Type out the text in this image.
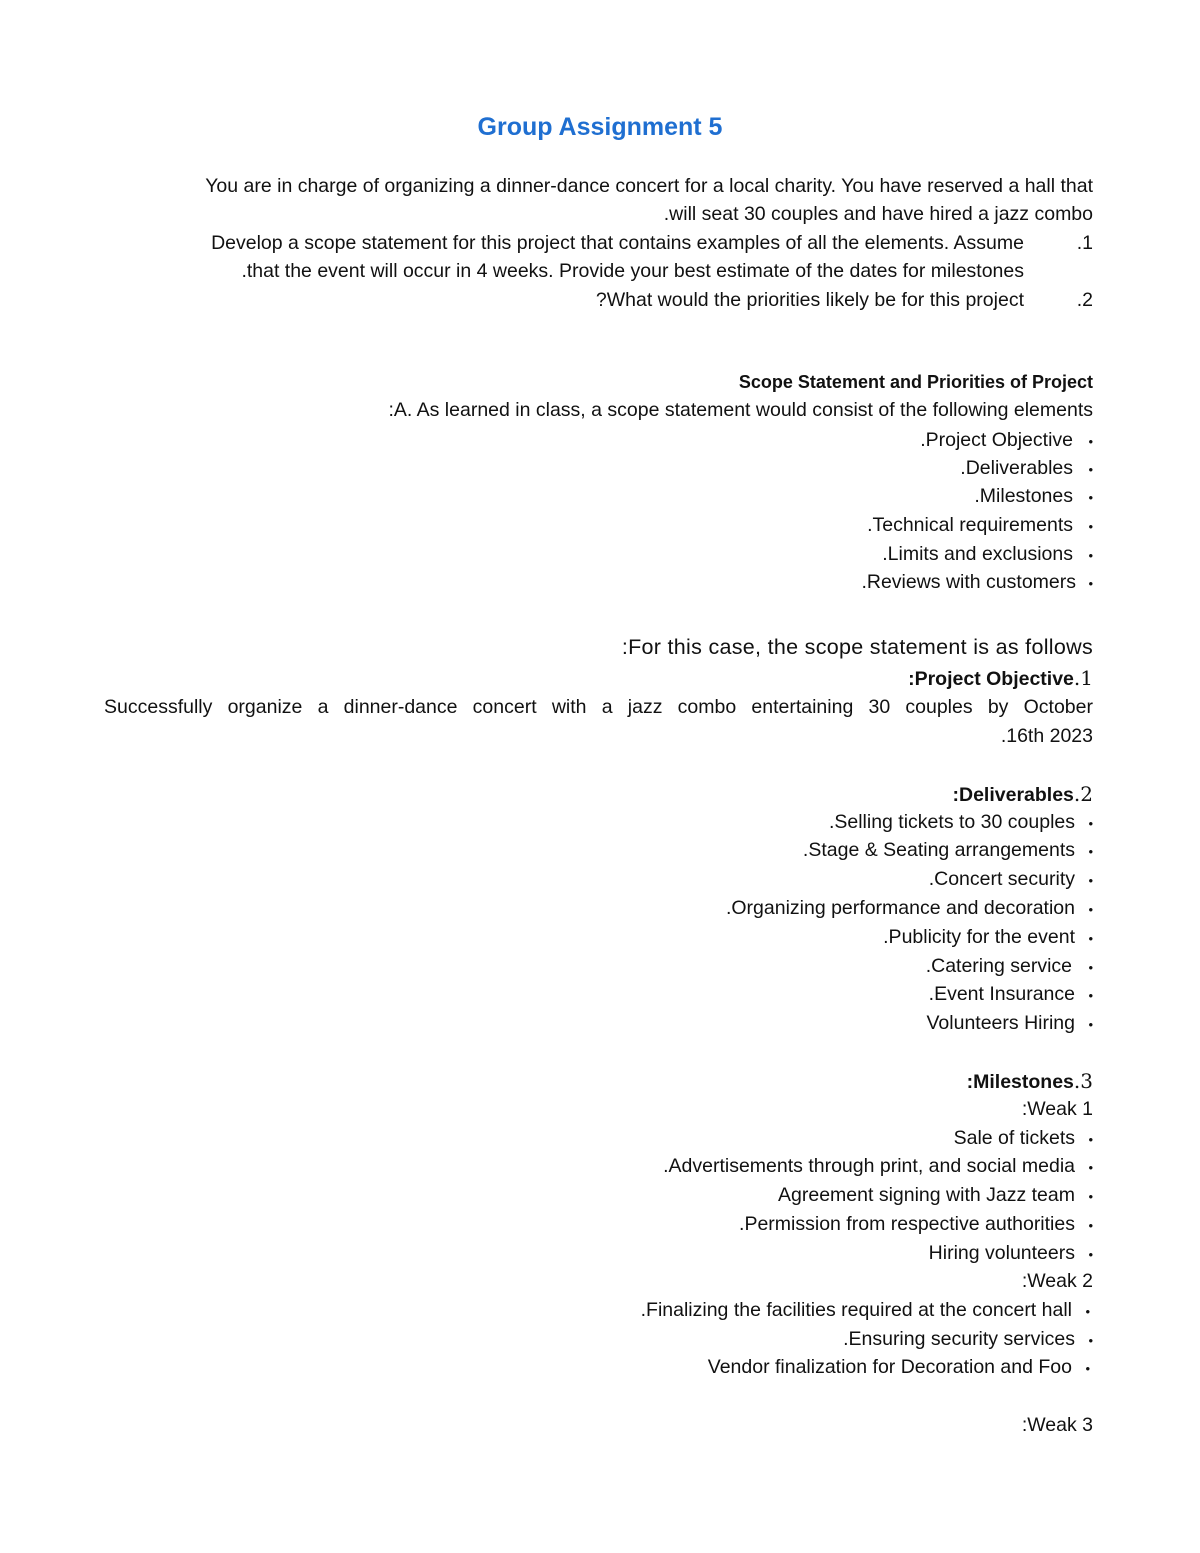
Group Assignment 5
You are in charge of organizing a dinner-dance concert for a local charity. You have reserved a hall that
.will seat 30 couples and have hired a jazz combo
Develop a scope statement for this project that contains examples of all the elements. Assume	.1
.that the event will occur in 4 weeks. Provide your best estimate of the dates for milestones
?What would the priorities likely be for this project	.2
Scope Statement and Priorities of Project
:A. As learned in class, a scope statement would consist of the following elements
.Project Objective •
.Deliverables •
.Milestones •
.Technical requirements •
.Limits and exclusions •
.Reviews with customers •
:For this case, the scope statement is as follows
:Project Objective.1
Successfully organize a dinner-dance concert with a jazz combo entertaining 30 couples by October
.16th 2023
:Deliverables.2
.Selling tickets to 30 couples •
.Stage & Seating arrangements •
.Concert security •
.Organizing performance and decoration •
.Publicity for the event •
.Catering service •
.Event Insurance •
Volunteers Hiring •
:Milestones.3
:Weak 1
Sale of tickets •
.Advertisements through print, and social media •
Agreement signing with Jazz team •
.Permission from respective authorities •
Hiring volunteers •
:Weak 2
.Finalizing the facilities required at the concert hall •
.Ensuring security services •
Vendor finalization for Decoration and Foo •
:Weak 3
